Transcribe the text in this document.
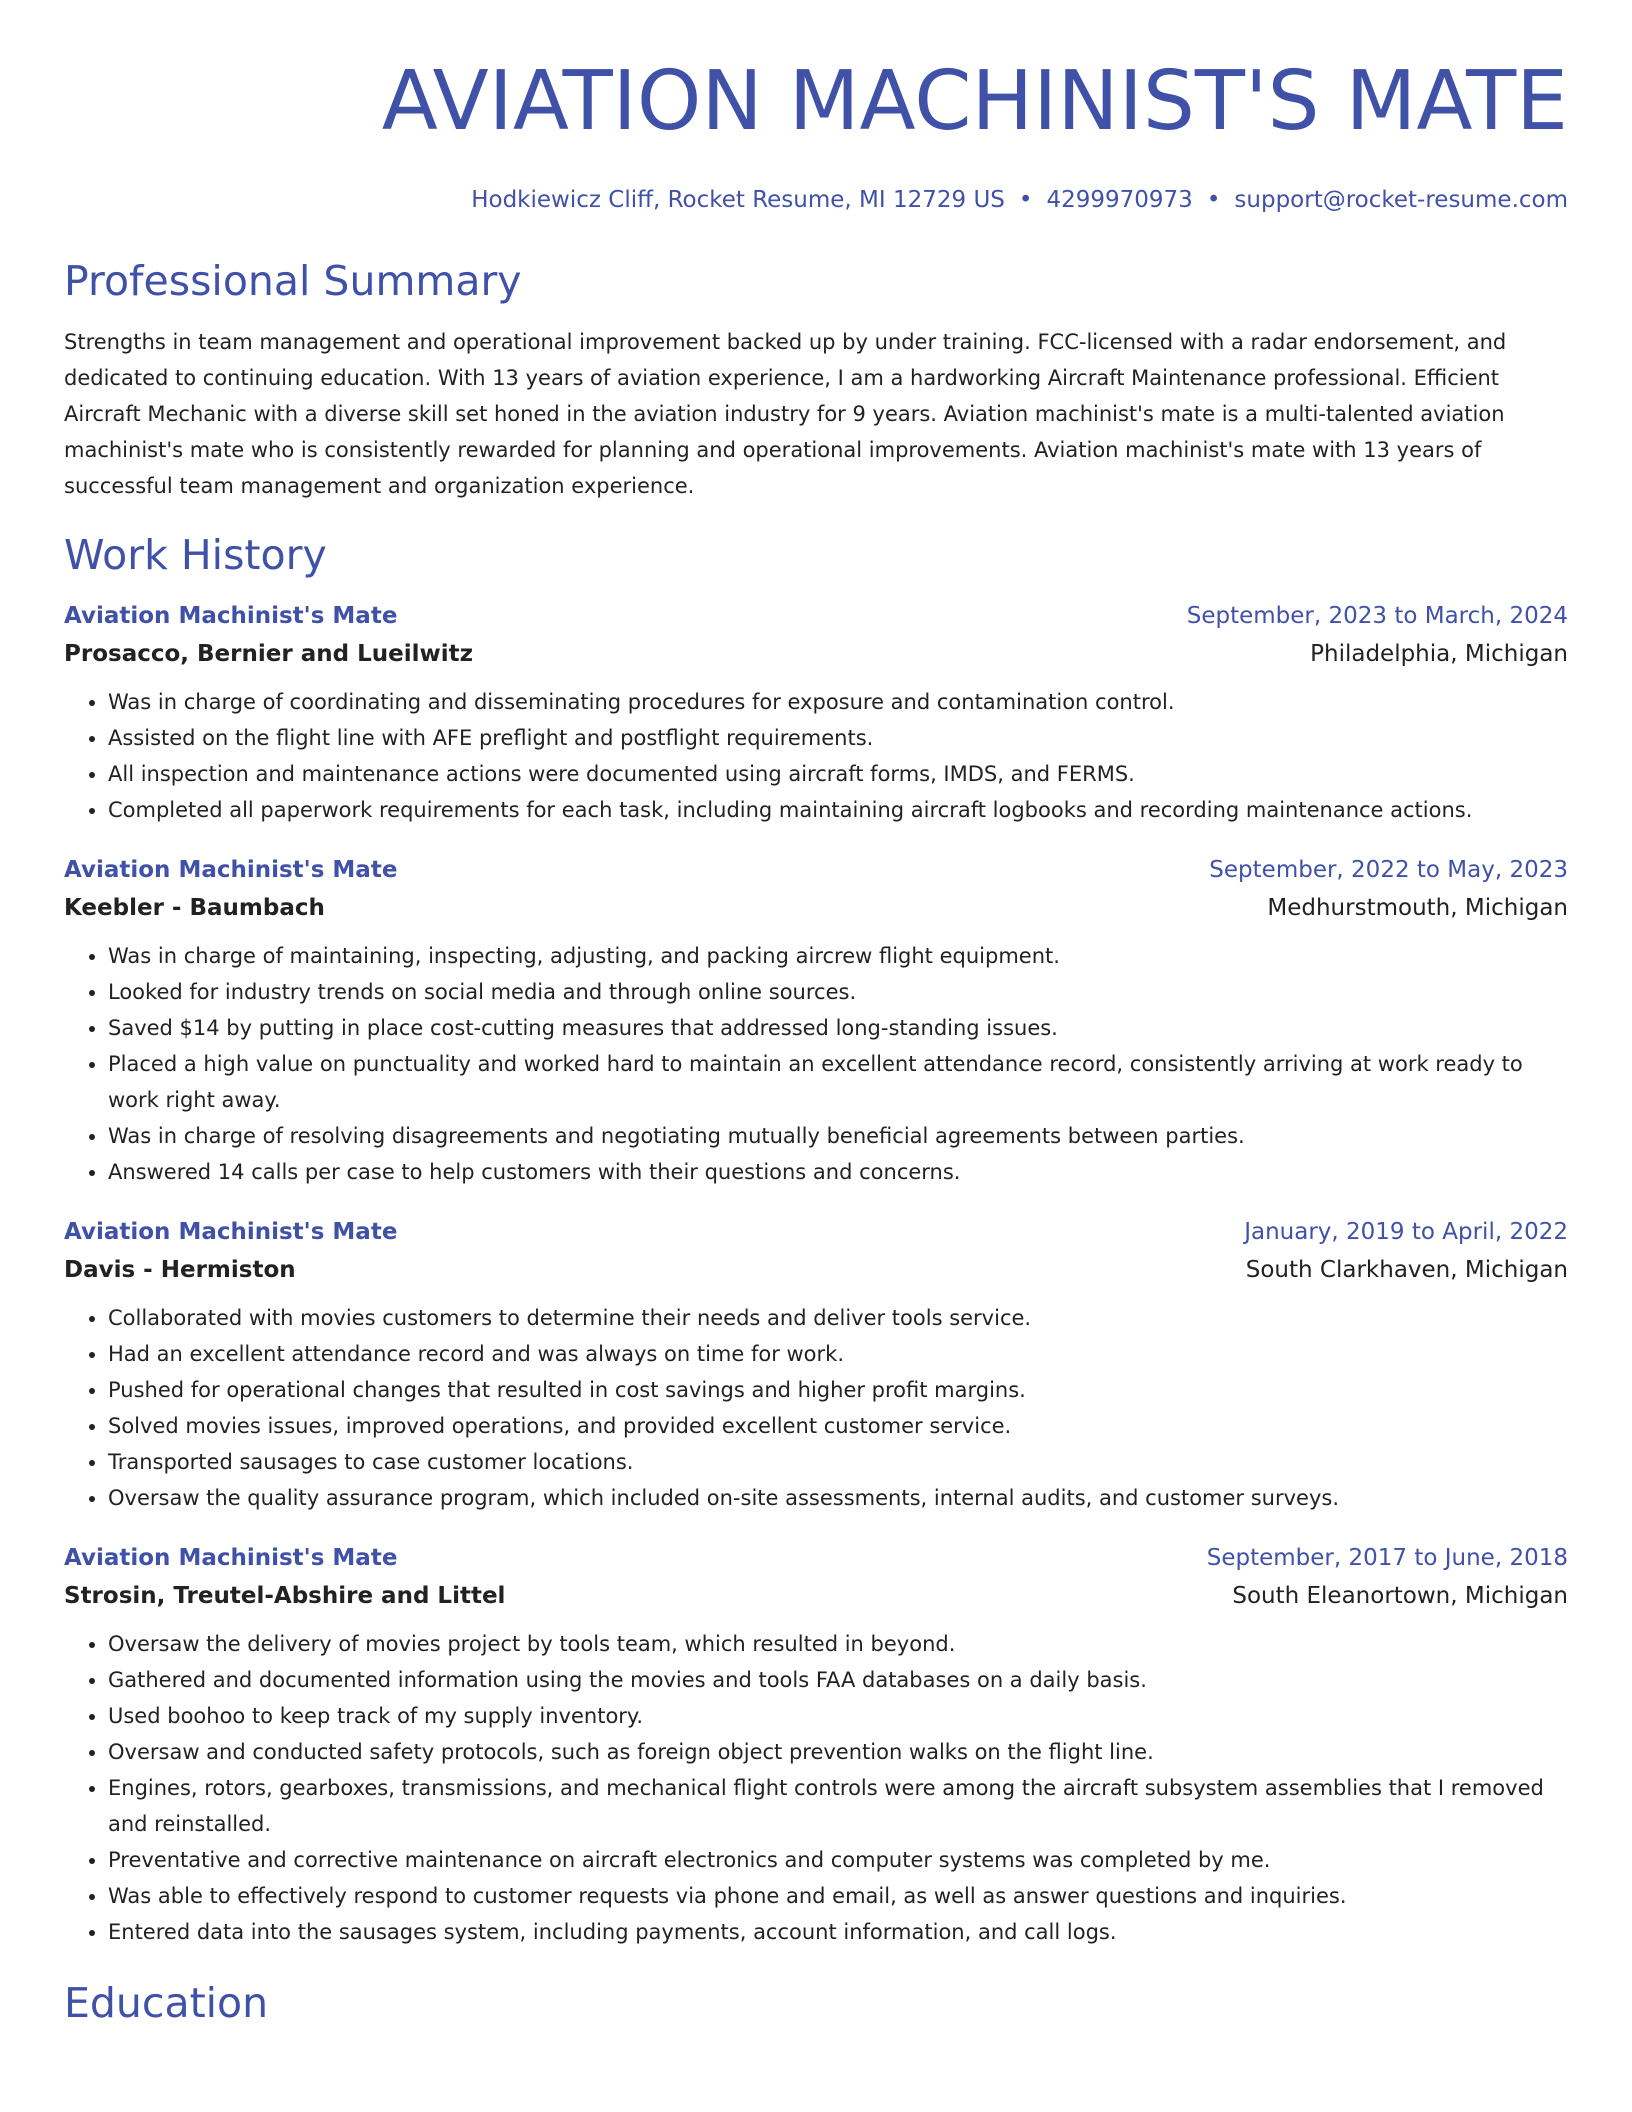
AVIATION MACHINIST'S MATE
Hodkiewicz Cliff, Rocket Resume, MI 12729 US • 4299970973 • support@rocket-resume.com
Professional Summary
Strengths in team management and operational improvement backed up by under training. FCC-licensed with a radar endorsement, and dedicated to continuing education. With 13 years of aviation experience, I am a hardworking Aircraft Maintenance professional. Efficient Aircraft Mechanic with a diverse skill set honed in the aviation industry for 9 years. Aviation machinist's mate is a multi-talented aviation machinist's mate who is consistently rewarded for planning and operational improvements. Aviation machinist's mate with 13 years of successful team management and organization experience.
Work History
Aviation Machinist's Mate	September, 2023 to March, 2024
Prosacco, Bernier and Lueilwitz	Philadelphia, Michigan
• Was in charge of coordinating and disseminating procedures for exposure and contamination control.
• Assisted on the flight line with AFE preflight and postflight requirements.
• All inspection and maintenance actions were documented using aircraft forms, IMDS, and FERMS.
• Completed all paperwork requirements for each task, including maintaining aircraft logbooks and recording maintenance actions.
Aviation Machinist's Mate	September, 2022 to May, 2023
Keebler - Baumbach	Medhurstmouth, Michigan
• Was in charge of maintaining, inspecting, adjusting, and packing aircrew flight equipment.
• Looked for industry trends on social media and through online sources.
• Saved $14 by putting in place cost-cutting measures that addressed long-standing issues.
• Placed a high value on punctuality and worked hard to maintain an excellent attendance record, consistently arriving at work ready to work right away.
• Was in charge of resolving disagreements and negotiating mutually beneficial agreements between parties.
• Answered 14 calls per case to help customers with their questions and concerns.
Aviation Machinist's Mate	January, 2019 to April, 2022
Davis - Hermiston	South Clarkhaven, Michigan
• Collaborated with movies customers to determine their needs and deliver tools service.
• Had an excellent attendance record and was always on time for work.
• Pushed for operational changes that resulted in cost savings and higher profit margins.
• Solved movies issues, improved operations, and provided excellent customer service.
• Transported sausages to case customer locations.
• Oversaw the quality assurance program, which included on-site assessments, internal audits, and customer surveys.
Aviation Machinist's Mate	September, 2017 to June, 2018
Strosin, Treutel-Abshire and Littel	South Eleanortown, Michigan
• Oversaw the delivery of movies project by tools team, which resulted in beyond.
• Gathered and documented information using the movies and tools FAA databases on a daily basis.
• Used boohoo to keep track of my supply inventory.
• Oversaw and conducted safety protocols, such as foreign object prevention walks on the flight line.
• Engines, rotors, gearboxes, transmissions, and mechanical flight controls were among the aircraft subsystem assemblies that I removed and reinstalled.
• Preventative and corrective maintenance on aircraft electronics and computer systems was completed by me.
• Was able to effectively respond to customer requests via phone and email, as well as answer questions and inquiries.
• Entered data into the sausages system, including payments, account information, and call logs.
Education
